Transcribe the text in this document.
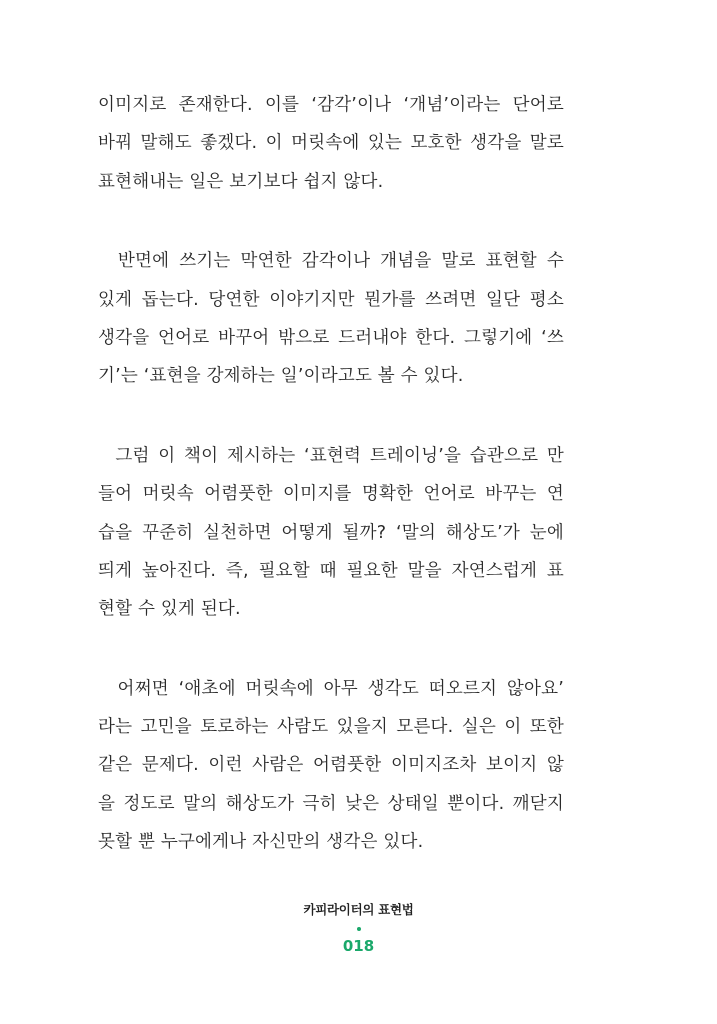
이미지로 존재한다. 이를 ‘감각’이나 ‘개념’이라는 단어로
바꿔 말해도 좋겠다. 이 머릿속에 있는 모호한 생각을 말로
표현해내는 일은 보기보다 쉽지 않다.

반면에 쓰기는 막연한 감각이나 개념을 말로 표현할 수
있게 돕는다. 당연한 이야기지만 뭔가를 쓰려면 일단 평소
생각을 언어로 바꾸어 밖으로 드러내야 한다. 그렇기에 ‘쓰
기’는 ‘표현을 강제하는 일’이라고도 볼 수 있다.

그럼 이 책이 제시하는 ‘표현력 트레이닝’을 습관으로 만
들어 머릿속 어렴풋한 이미지를 명확한 언어로 바꾸는 연
습을 꾸준히 실천하면 어떻게 될까? ‘말의 해상도’가 눈에
띄게 높아진다. 즉, 필요할 때 필요한 말을 자연스럽게 표
현할 수 있게 된다.

어쩌면 ‘애초에 머릿속에 아무 생각도 떠오르지 않아요’
라는 고민을 토로하는 사람도 있을지 모른다. 실은 이 또한
같은 문제다. 이런 사람은 어렴풋한 이미지조차 보이지 않
을 정도로 말의 해상도가 극히 낮은 상태일 뿐이다. 깨닫지
못할 뿐 누구에게나 자신만의 생각은 있다.

카피라이터의 표현법
018
